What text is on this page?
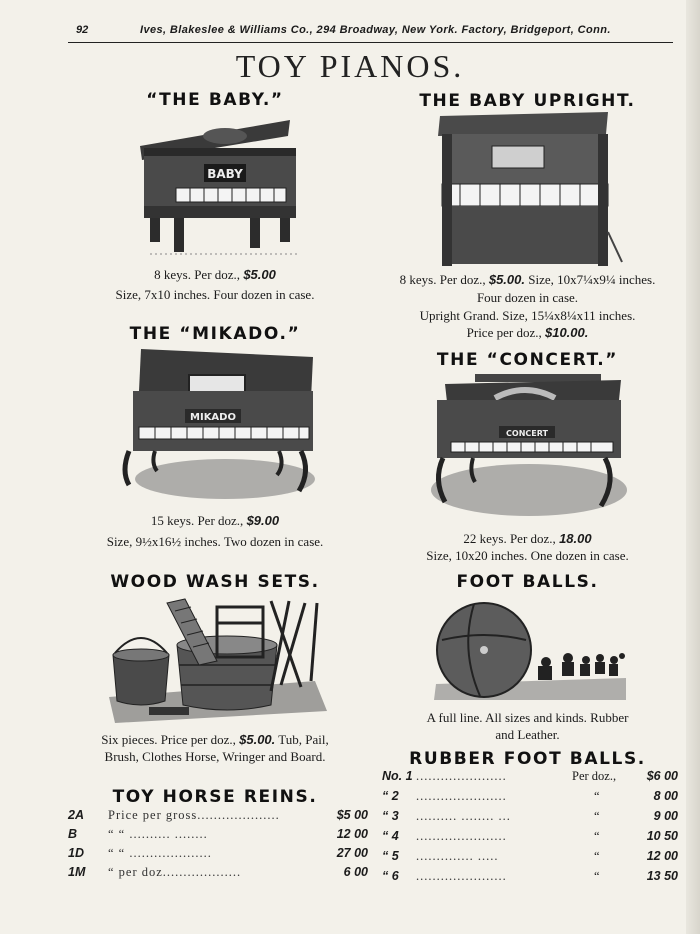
92	Ives, Blakeslee & Williams Co., 294 Broadway, New York. Factory, Bridgeport, Conn.
TOY PIANOS.
“THE BABY.”
BABY
8 keys. Per doz., $5.00
Size, 7x10 inches. Four dozen in case.
THE BABY UPRIGHT.
8 keys. Per doz., $5.00. Size, 10x7¼x9¼ inches.
Four dozen in case.
Upright Grand. Size, 15¼x8¼x11 inches.
Price per doz., $10.00.
THE “MIKADO.”
MIKADO
15 keys. Per doz., $9.00
Size, 9½x16½ inches. Two dozen in case.
THE “CONCERT.”
CONCERT
22 keys. Per doz., 18.00
Size, 10x20 inches. One dozen in case.
WOOD WASH SETS.
Six pieces. Price per doz., $5.00. Tub, Pail,
Brush, Clothes Horse, Wringer and Board.
FOOT BALLS.
A full line. All sizes and kinds. Rubber
and Leather.
TOY HORSE REINS.
2A Price per gross....................	$5 00
B “ “ .......... ........	12 00
1D “ “ ....................	27 00
1M “ per doz...................	6 00
RUBBER FOOT BALLS.
No. 1 ......................	Per doz., $6 00
“ 2 ......................	“	8 00
“ 3 .......... ........ ...	“	9 00
“ 4 ......................	“	10 50
“ 5 .............. .....	“	12 00
“ 6 ......................	“	13 50
